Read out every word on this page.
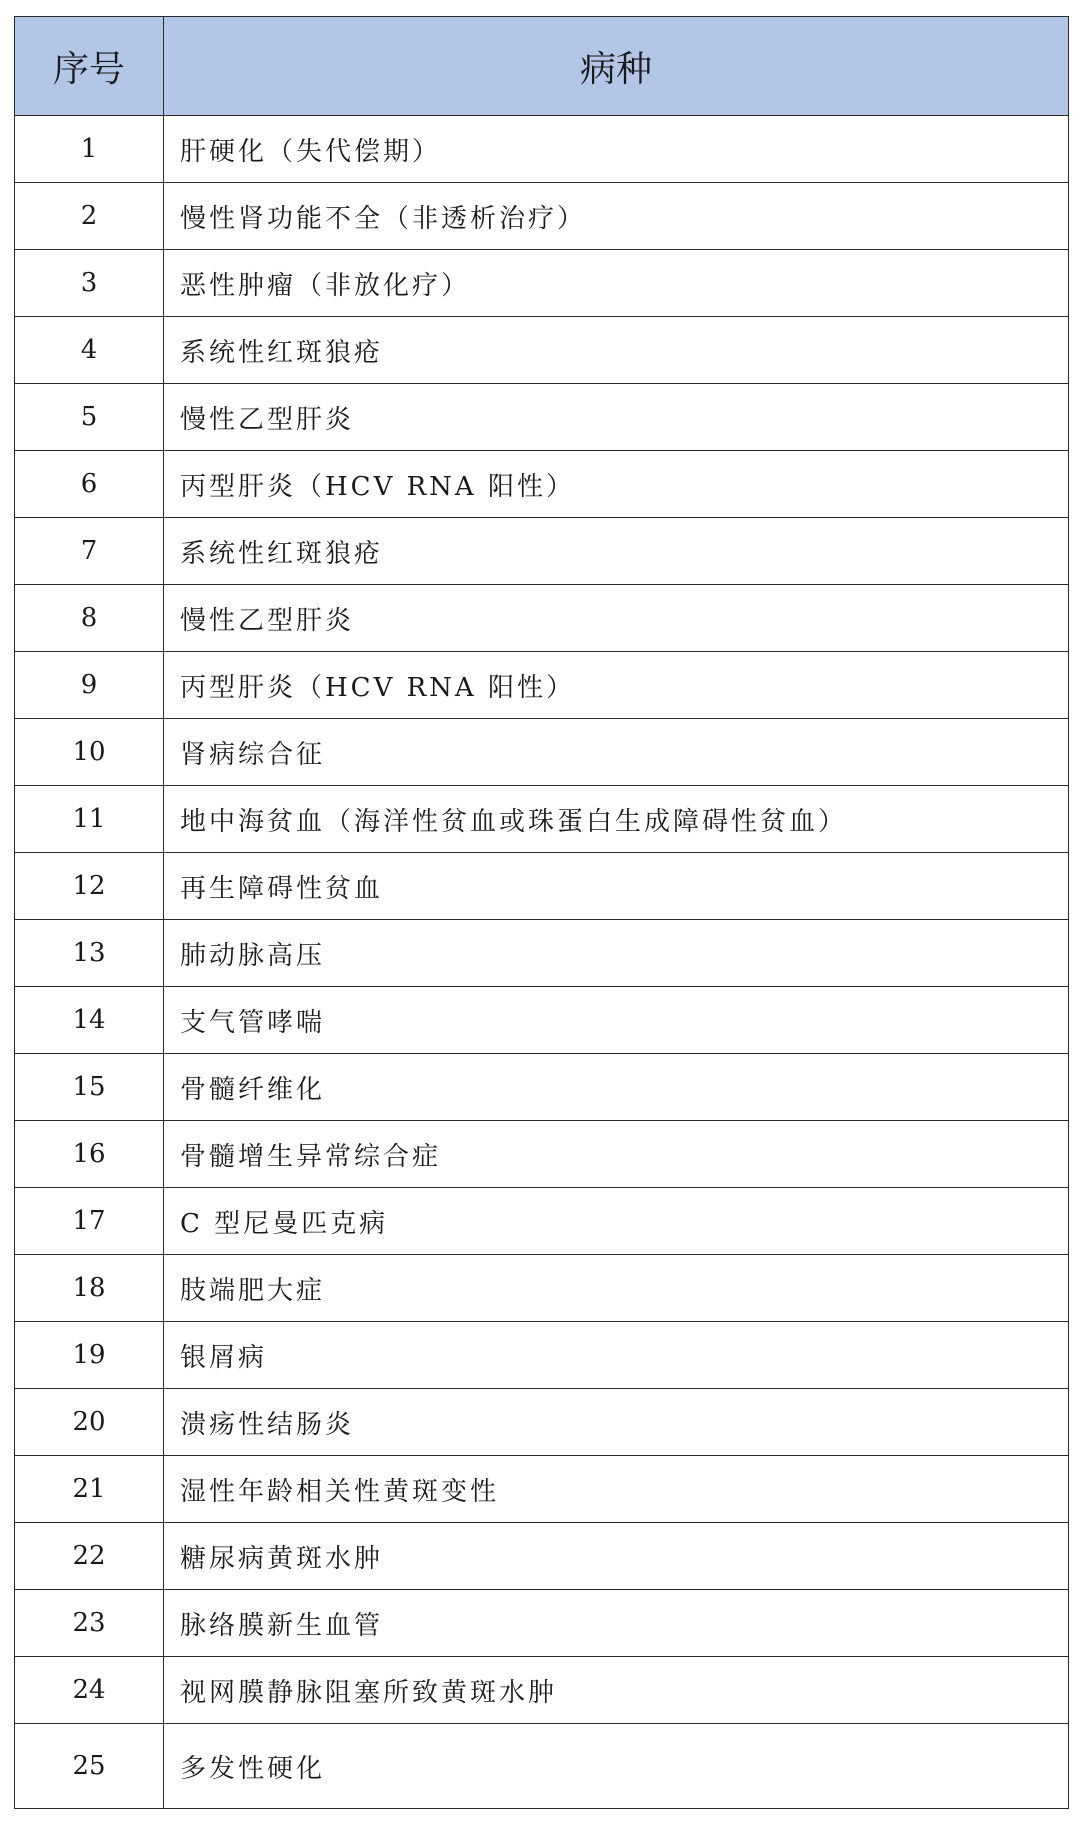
序号	病种
1	肝硬化（失代偿期）
2	慢性肾功能不全（非透析治疗）
3	恶性肿瘤（非放化疗）
4	系统性红斑狼疮
5	慢性乙型肝炎
6	丙型肝炎（HCV RNA 阳性）
7	系统性红斑狼疮
8	慢性乙型肝炎
9	丙型肝炎（HCV RNA 阳性）
10	肾病综合征
11	地中海贫血（海洋性贫血或珠蛋白生成障碍性贫血）
12	再生障碍性贫血
13	肺动脉高压
14	支气管哮喘
15	骨髓纤维化
16	骨髓增生异常综合症
17	C 型尼曼匹克病
18	肢端肥大症
19	银屑病
20	溃疡性结肠炎
21	湿性年龄相关性黄斑变性
22	糖尿病黄斑水肿
23	脉络膜新生血管
24	视网膜静脉阻塞所致黄斑水肿
25	多发性硬化
